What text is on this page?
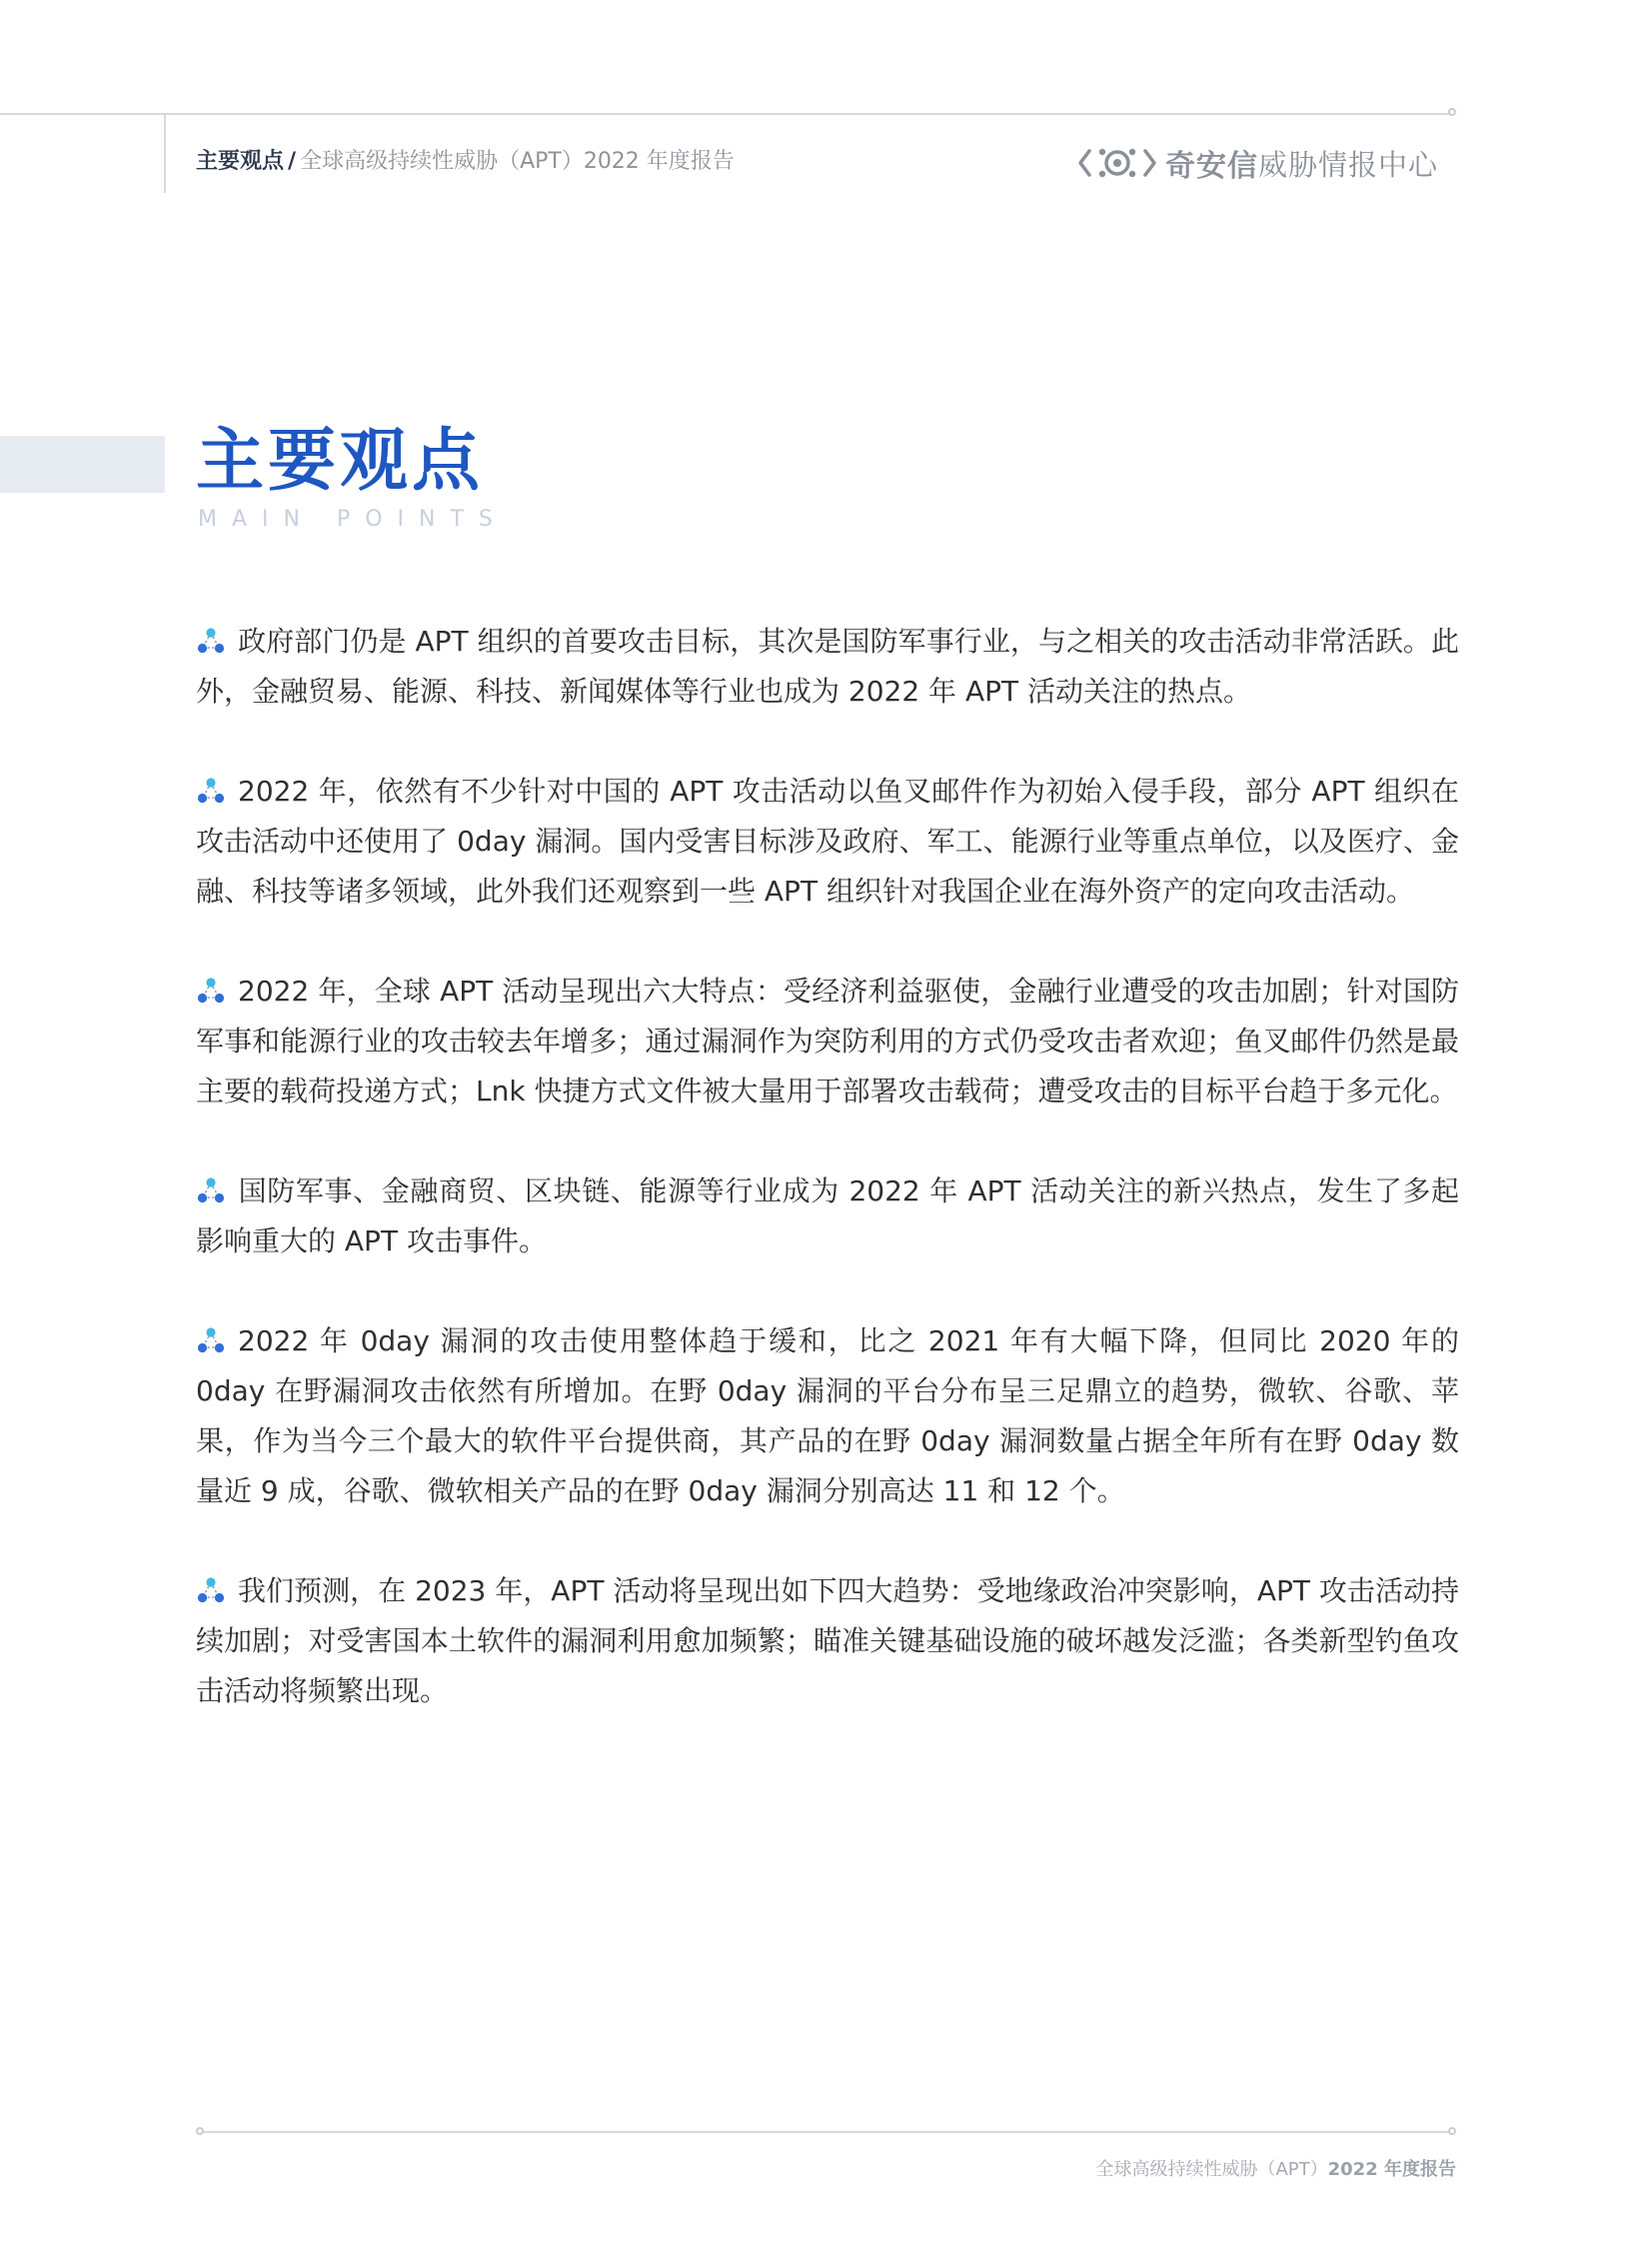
主要观点 / 全球高级持续性威胁（APT）2022 年度报告	奇安信 威胁情报中心
主要观点
MAIN POINTS

政府部门仍是 APT 组织的首要攻击目标，其次是国防军事行业，与之相关的攻击活动非常活跃。此外，金融贸易、能源、科技、新闻媒体等行业也成为 2022 年 APT 活动关注的热点。

2022 年，依然有不少针对中国的 APT 攻击活动以鱼叉邮件作为初始入侵手段，部分 APT 组织在攻击活动中还使用了 0day 漏洞。国内受害目标涉及政府、军工、能源行业等重点单位，以及医疗、金融、科技等诸多领域，此外我们还观察到一些 APT 组织针对我国企业在海外资产的定向攻击活动。

2022 年，全球 APT 活动呈现出六大特点：受经济利益驱使，金融行业遭受的攻击加剧；针对国防军事和能源行业的攻击较去年增多；通过漏洞作为突防利用的方式仍受攻击者欢迎；鱼叉邮件仍然是最主要的载荷投递方式；Lnk 快捷方式文件被大量用于部署攻击载荷；遭受攻击的目标平台趋于多元化。

国防军事、金融商贸、区块链、能源等行业成为 2022 年 APT 活动关注的新兴热点，发生了多起影响重大的 APT 攻击事件。

2022 年 0day 漏洞的攻击使用整体趋于缓和，比之 2021 年有大幅下降，但同比 2020 年的 0day 在野漏洞攻击依然有所增加。在野 0day 漏洞的平台分布呈三足鼎立的趋势，微软、谷歌、苹果，作为当今三个最大的软件平台提供商，其产品的在野 0day 漏洞数量占据全年所有在野 0day 数量近 9 成，谷歌、微软相关产品的在野 0day 漏洞分别高达 11 和 12 个。

我们预测，在 2023 年，APT 活动将呈现出如下四大趋势：受地缘政治冲突影响，APT 攻击活动持续加剧；对受害国本土软件的漏洞利用愈加频繁；瞄准关键基础设施的破坏越发泛滥；各类新型钓鱼攻击活动将频繁出现。

全球高级持续性威胁（APT）2022 年度报告
